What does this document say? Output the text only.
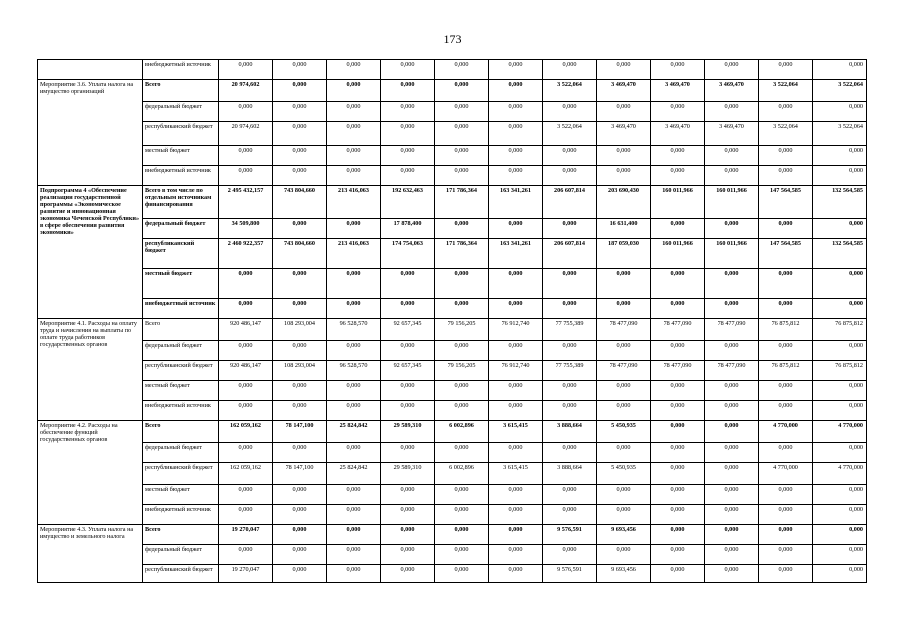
173
	внебюджетный источник	0,000	0,000	0,000	0,000	0,000	0,000	0,000	0,000	0,000	0,000	0,000	0,000
Мероприятие 3.6. Уплата налога на имущество организаций	Всего	20 974,602	0,000	0,000	0,000	0,000	0,000	3 522,064	3 469,470	3 469,470	3 469,470	3 522,064	3 522,064
	федеральный бюджет	0,000	0,000	0,000	0,000	0,000	0,000	0,000	0,000	0,000	0,000	0,000	0,000
	республиканский бюджет	20 974,602	0,000	0,000	0,000	0,000	0,000	3 522,064	3 469,470	3 469,470	3 469,470	3 522,064	3 522,064
	местный бюджет	0,000	0,000	0,000	0,000	0,000	0,000	0,000	0,000	0,000	0,000	0,000	0,000
	внебюджетный источник	0,000	0,000	0,000	0,000	0,000	0,000	0,000	0,000	0,000	0,000	0,000	0,000
Подпрограмма 4 «Обеспечение реализации государственной программы «Экономическое развитие и инновационная экономика Чеченской Республики» в сфере обеспечения развития экономики»	Всего в том числе по отдельным источникам финансирования	2 495 432,157	743 804,660	213 416,063	192 632,463	171 786,364	163 341,261	206 607,814	203 690,430	160 011,966	160 011,966	147 564,585	132 564,585
	федеральный бюджет	34 509,800	0,000	0,000	17 878,400	0,000	0,000	0,000	16 631,400	0,000	0,000	0,000	0,000
	республиканский бюджет	2 460 922,357	743 804,660	213 416,063	174 754,063	171 786,364	163 341,261	206 607,814	187 059,030	160 011,966	160 011,966	147 564,585	132 564,585
	местный бюджет	0,000	0,000	0,000	0,000	0,000	0,000	0,000	0,000	0,000	0,000	0,000	0,000
	внебюджетный источник	0,000	0,000	0,000	0,000	0,000	0,000	0,000	0,000	0,000	0,000	0,000	0,000
Мероприятие 4.1. Расходы на оплату труда и начисления на выплаты по оплате труда работников государственных органов	Всего	920 486,147	108 293,004	96 528,570	92 657,345	79 156,205	76 912,740	77 755,389	78 477,090	78 477,090	78 477,090	76 875,812	76 875,812
	федеральный бюджет	0,000	0,000	0,000	0,000	0,000	0,000	0,000	0,000	0,000	0,000	0,000	0,000
	республиканский бюджет	920 486,147	108 293,004	96 528,570	92 657,345	79 156,205	76 912,740	77 755,389	78 477,090	78 477,090	78 477,090	76 875,812	76 875,812
	местный бюджет	0,000	0,000	0,000	0,000	0,000	0,000	0,000	0,000	0,000	0,000	0,000	0,000
	внебюджетный источник	0,000	0,000	0,000	0,000	0,000	0,000	0,000	0,000	0,000	0,000	0,000	0,000
Мероприятие 4.2. Расходы на обеспечение функций государственных органов	Всего	162 059,162	78 147,100	25 824,842	29 589,310	6 002,896	3 615,415	3 888,664	5 450,935	0,000	0,000	4 770,000	4 770,000
	федеральный бюджет	0,000	0,000	0,000	0,000	0,000	0,000	0,000	0,000	0,000	0,000	0,000	0,000
	республиканский бюджет	162 059,162	78 147,100	25 824,842	29 589,310	6 002,896	3 615,415	3 888,664	5 450,935	0,000	0,000	4 770,000	4 770,000
	местный бюджет	0,000	0,000	0,000	0,000	0,000	0,000	0,000	0,000	0,000	0,000	0,000	0,000
	внебюджетный источник	0,000	0,000	0,000	0,000	0,000	0,000	0,000	0,000	0,000	0,000	0,000	0,000
Мероприятие 4.3. Уплата налога на имущество и земельного налога	Всего	19 270,047	0,000	0,000	0,000	0,000	0,000	9 576,591	9 693,456	0,000	0,000	0,000	0,000
	федеральный бюджет	0,000	0,000	0,000	0,000	0,000	0,000	0,000	0,000	0,000	0,000	0,000	0,000
	республиканский бюджет	19 270,047	0,000	0,000	0,000	0,000	0,000	9 576,591	9 693,456	0,000	0,000	0,000	0,000
